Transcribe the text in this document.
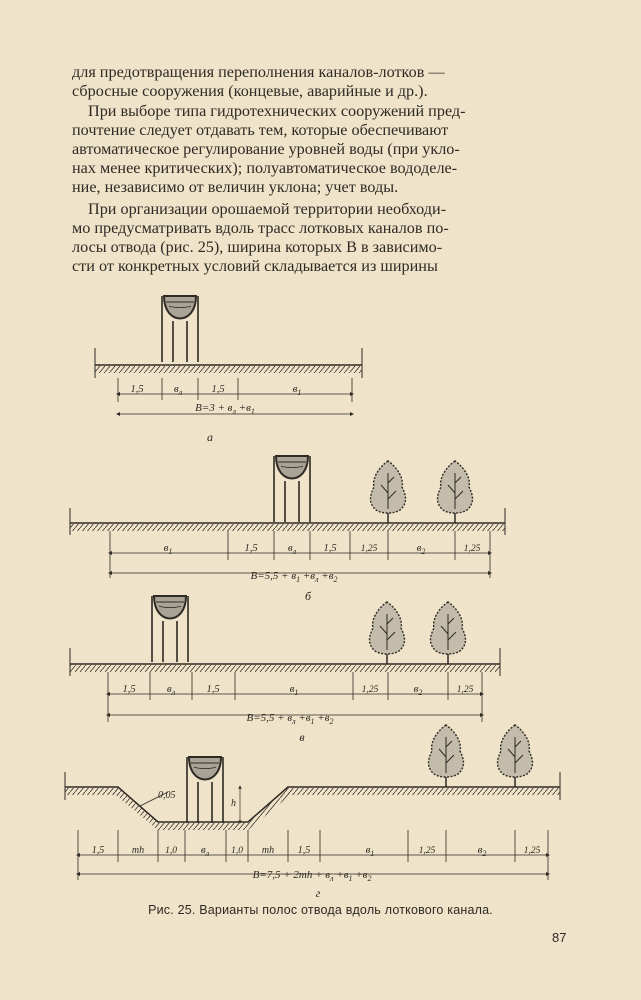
для предотвращения переполнения каналов-лотков —
сбросные сооружения (концевые, аварийные и др.).
При выборе типа гидротехнических сооружений пред-
почтение следует отдавать тем, которые обеспечивают
автоматическое регулирование уровней воды (при укло-
нах менее критических); полуавтоматическое вододеле-
ние, независимо от величин уклона; учет воды.
При организации орошаемой территории необходи-
мо предусматривать вдоль трасс лотковых каналов по-
лосы отвода (рис. 25), ширина которых В в зависимо-
сти от конкретных условий складывается из ширины
1,5	$в_л$	1,5	$в_1$
$В=3 + в_л +в_1$
а
$в_1$	1,5	$в_л$	1,5	1,25	$в_2$	1,25
$В=5,5 + в_1 +в_л +в_2$
б
1,5	$в_л$	1,5	$в_1$	1,25	$в_2$	1,25
$В=5,5 + в_л +в_1 +в_2$
в
0,05
h
1,5	mh 1,0 $в_л$ 1,0 mh 1,5	$в_1$	1,25	$в_2$	1,25
$В=7,5 + 2mh + в_л +в_1 +в_2$
г
Рис. 25. Варианты полос отвода вдоль лоткового канала.
87
